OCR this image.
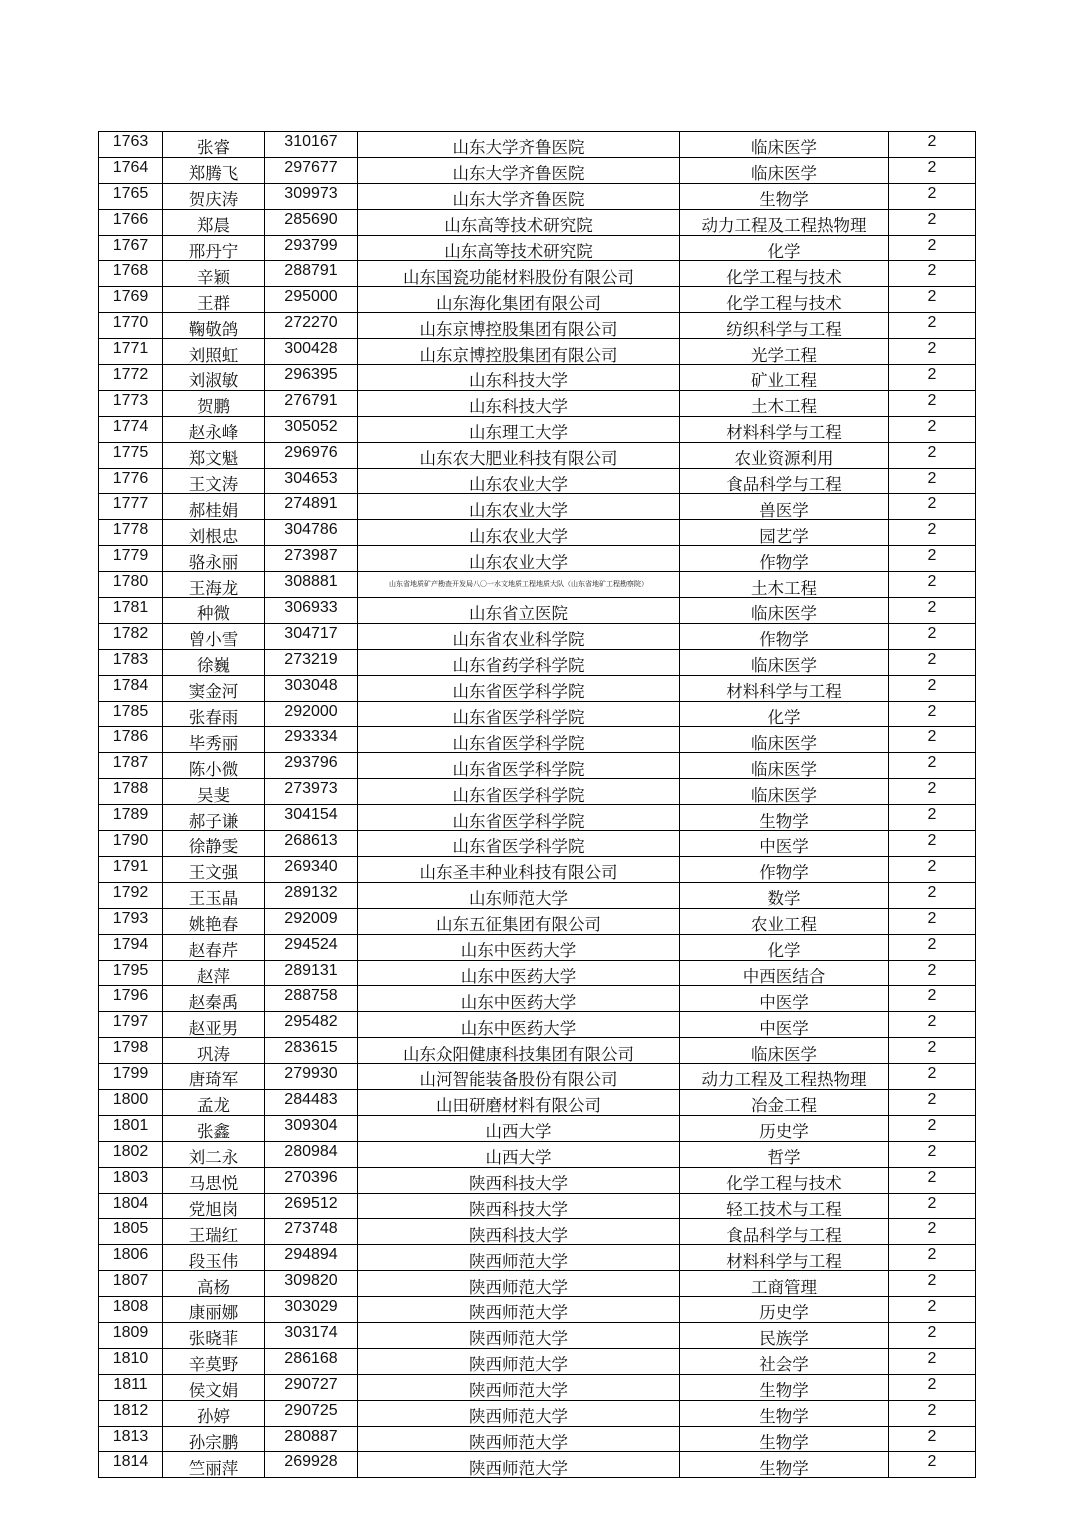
1763	张睿	310167	山东大学齐鲁医院	临床医学	2
1764	郑腾飞	297677	山东大学齐鲁医院	临床医学	2
1765	贺庆涛	309973	山东大学齐鲁医院	生物学	2
1766	郑晨	285690	山东高等技术研究院	动力工程及工程热物理	2
1767	邢丹宁	293799	山东高等技术研究院	化学	2
1768	辛颖	288791	山东国瓷功能材料股份有限公司	化学工程与技术	2
1769	王群	295000	山东海化集团有限公司	化学工程与技术	2
1770	鞠敬鸽	272270	山东京博控股集团有限公司	纺织科学与工程	2
1771	刘照虹	300428	山东京博控股集团有限公司	光学工程	2
1772	刘淑敏	296395	山东科技大学	矿业工程	2
1773	贺鹏	276791	山东科技大学	土木工程	2
1774	赵永峰	305052	山东理工大学	材料科学与工程	2
1775	郑文魁	296976	山东农大肥业科技有限公司	农业资源利用	2
1776	王文涛	304653	山东农业大学	食品科学与工程	2
1777	郝桂娟	274891	山东农业大学	兽医学	2
1778	刘根忠	304786	山东农业大学	园艺学	2
1779	骆永丽	273987	山东农业大学	作物学	2
1780	王海龙	308881	山东省地质矿产勘查开发局八〇一水文地质工程地质大队（山东省地矿工程勘察院）	土木工程	2
1781	种微	306933	山东省立医院	临床医学	2
1782	曾小雪	304717	山东省农业科学院	作物学	2
1783	徐巍	273219	山东省药学科学院	临床医学	2
1784	窦金河	303048	山东省医学科学院	材料科学与工程	2
1785	张春雨	292000	山东省医学科学院	化学	2
1786	毕秀丽	293334	山东省医学科学院	临床医学	2
1787	陈小微	293796	山东省医学科学院	临床医学	2
1788	吴斐	273973	山东省医学科学院	临床医学	2
1789	郝子谦	304154	山东省医学科学院	生物学	2
1790	徐静雯	268613	山东省医学科学院	中医学	2
1791	王文强	269340	山东圣丰种业科技有限公司	作物学	2
1792	王玉晶	289132	山东师范大学	数学	2
1793	姚艳春	292009	山东五征集团有限公司	农业工程	2
1794	赵春芹	294524	山东中医药大学	化学	2
1795	赵萍	289131	山东中医药大学	中西医结合	2
1796	赵秦禹	288758	山东中医药大学	中医学	2
1797	赵亚男	295482	山东中医药大学	中医学	2
1798	巩涛	283615	山东众阳健康科技集团有限公司	临床医学	2
1799	唐琦军	279930	山河智能装备股份有限公司	动力工程及工程热物理	2
1800	孟龙	284483	山田研磨材料有限公司	冶金工程	2
1801	张鑫	309304	山西大学	历史学	2
1802	刘二永	280984	山西大学	哲学	2
1803	马思悦	270396	陕西科技大学	化学工程与技术	2
1804	党旭岗	269512	陕西科技大学	轻工技术与工程	2
1805	王瑞红	273748	陕西科技大学	食品科学与工程	2
1806	段玉伟	294894	陕西师范大学	材料科学与工程	2
1807	高杨	309820	陕西师范大学	工商管理	2
1808	康丽娜	303029	陕西师范大学	历史学	2
1809	张晓菲	303174	陕西师范大学	民族学	2
1810	辛莫野	286168	陕西师范大学	社会学	2
1811	侯文娟	290727	陕西师范大学	生物学	2
1812	孙婷	290725	陕西师范大学	生物学	2
1813	孙宗鹏	280887	陕西师范大学	生物学	2
1814	竺丽萍	269928	陕西师范大学	生物学	2
